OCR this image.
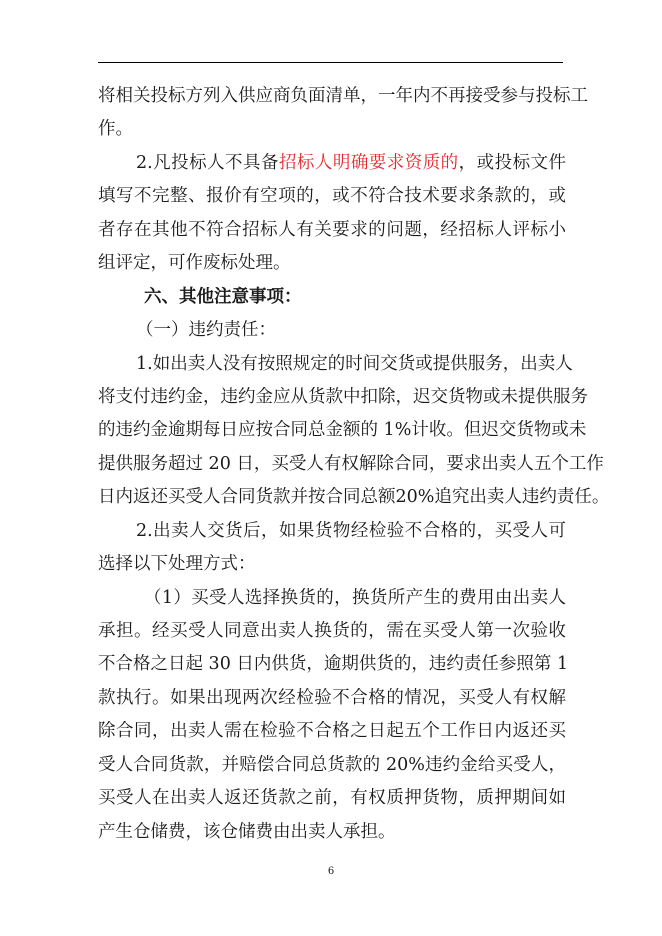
将相关投标方列入供应商负面清单，一年内不再接受参与投标工
作。
2.凡投标人不具备招标人明确要求资质的，或投标文件
填写不完整、报价有空项的，或不符合技术要求条款的，或
者存在其他不符合招标人有关要求的问题，经招标人评标小
组评定，可作废标处理。
六、其他注意事项：
（一）违约责任：
1.如出卖人没有按照规定的时间交货或提供服务，出卖人
将支付违约金，违约金应从货款中扣除，迟交货物或未提供服务
的违约金逾期每日应按合同总金额的 1%计收。但迟交货物或未
提供服务超过 20 日，买受人有权解除合同，要求出卖人五个工作
日内返还买受人合同货款并按合同总额20%追究出卖人违约责任。
2.出卖人交货后，如果货物经检验不合格的，买受人可
选择以下处理方式：
（1）买受人选择换货的，换货所产生的费用由出卖人
承担。经买受人同意出卖人换货的，需在买受人第一次验收
不合格之日起 30 日内供货，逾期供货的，违约责任参照第 1
款执行。如果出现两次经检验不合格的情况，买受人有权解
除合同，出卖人需在检验不合格之日起五个工作日内返还买
受人合同货款，并赔偿合同总货款的 20%违约金给买受人，
买受人在出卖人返还货款之前，有权质押货物，质押期间如
产生仓储费，该仓储费由出卖人承担。
6
